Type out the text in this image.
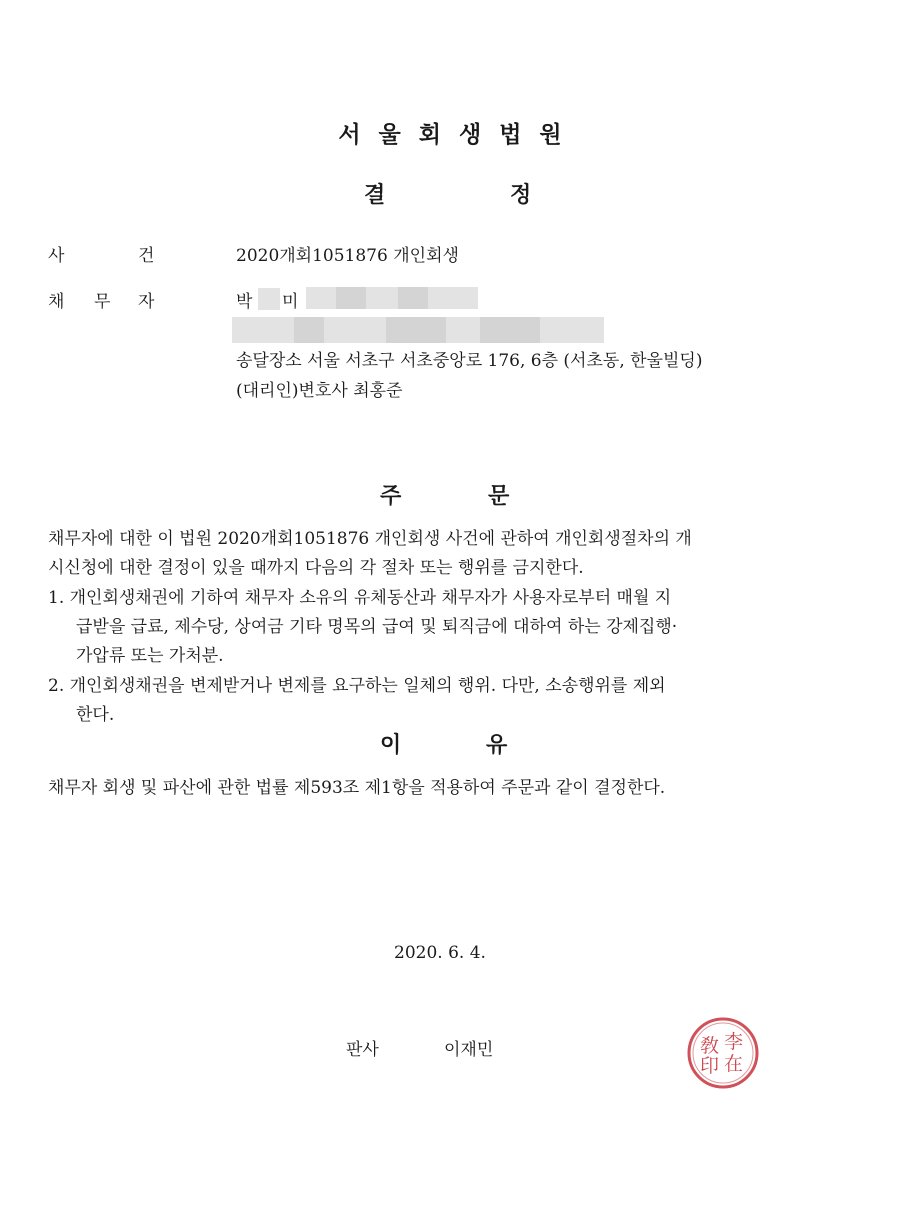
서울회생법원
결	정
사	건	2020개회1051876 개인회생
채 무 자	박 미
송달장소 서울 서초구 서초중앙로 176, 6층 (서초동, 한울빌딩)
(대리인)변호사 최홍준
주	문
채무자에 대한 이 법원 2020개회1051876 개인회생 사건에 관하여 개인회생절차의 개
시신청에 대한 결정이 있을 때까지 다음의 각 절차 또는 행위를 금지한다.
1. 개인회생채권에 기하여 채무자 소유의 유체동산과 채무자가 사용자로부터 매월 지
급받을 급료, 제수당, 상여금 기타 명목의 급여 및 퇴직금에 대하여 하는 강제집행·
가압류 또는 가처분.
2. 개인회생채권을 변제받거나 변제를 요구하는 일체의 행위. 다만, 소송행위를 제외
한다.
이	유
채무자 회생 및 파산에 관한 법률 제593조 제1항을 적용하여 주문과 같이 결정한다.
2020. 6. 4.
판사	이재민	李
敎
印 在
